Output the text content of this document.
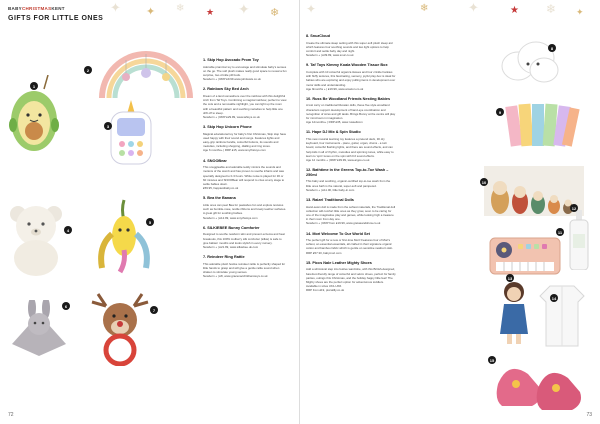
BABYCHRISTMASKENT
GIFTS FOR LITTLE ONES
✦ ✦ ❄ ★ ✦ ❄
1
2
3
4
5
6
7
1. Skip Hop Avocado Prom Toy

Adorable pram/car toy to encourage and stimulate baby's senses on the go. The soft plush makes really good space to reveal a fun surprise, two crinkle pill buds.

Newborn + | RRP £9.99 www.johnlewis.co.uk

2. Rainbow Sky Bed Arch

Dream of a land somewhere over the rainbow with this delightful Arch from Taf Toys. Combining a magical rainbow, perfect to view the cots and a removable nightlight, you can light up the room with a beautiful pattern and soothing melodies to help little one drift off to sleep.

Newborn + | RRP £29.99, www.taftoys.co.uk

3. Skip Hop Unicorn Phone

Magical educational toy for baby's first Christmas, Skip Hop have used happy with their sound and songs. Features lights and easy-grip rainbow handle, colourful buttons, its sounds and melodies, including shopping, dialling and ring tones.

Age 6 months+ | RRP £15, www.smythstoys.com

4. SNOOBear

This snuggleable and adorable teddy mimics the sounds and motions of the womb and has proven to soothe infants and was specially designed to 0-3 hours. White noise is played for 30 or 60 minutes and SNOOBear will respond to cries at any stage to settle babies down.

£59.95, happiestbaby.co.uk

5. Bea the Banana

Little ones can peel Bea for peekaboo fun and explore textures such as bumble-nose, textile ribbons and lovely teether surfaces. A great gift for soothing babies.

Newborn + | £12.99, www.smythstoys.com

6. SILKIEBEE Bunny Comforter

Designed to soothe newborn skin and prevent eczema and heat breakouts, this 100% mulberry silk comforter (silkie) is safe to give babies' mouths and looks stylish in every nursery.

Newborn + | £21.99, www.silkiebee.uk.com

7. Reindeer Ring Rattle

This adorable plush festive reindeer rattle is perfectly shaped for little hands to grasp and will give a gentle rattle sound when shaken to stimulate young senses.

Newborn + | £8, www.gracenacchildrenstoys.co.uk

72
✦	❄	✦	★ ❄ ✦
8. SnuzCloud

Create the ultimate sleep setting with this super-soft plush sleep aid which features four soothing sounds and two light options to help comfort and settle baby day and night.

Newborn + | £39.99, www.snuz.co.uk

9. Taf Toys Kimmy Koala Wooden Tissue Box

Complete with 10 colourful organza tissues and four crinkle hankies with fluffy textures, this fascinating, sensory, joyful play-box is ideal for babies who are exploring and enjoy pulling items in development over motor skills and understanding.

Age 9months + | £19.99, www.amazon.co.uk

10. Russ Be Woodland Friends Nesting Babies

A lost carry on traditional Russian dolls, these five style woodland characters support development of hand-eye coordination and recognition of sizes and gift tasks. Brings Bunny at the centre will play for mini-hours in imagination.

Age 12months+ | RRP £35, www.russellcom

11. Hape DJ Mix & Spin Studio

This new musical learning toy features a pretend deck, 30 dry keyboard, four instruments - piano, guitar, organ, drums - a turn board, colourful flashing lights, and there are sound effects, and can help kids in all of rhythm, melodies and spinning tunes, while easy to learn to 'spin' tunes on the spin with DJ sound effects.

Age 12 months + | RRP £39.99, www.argos.co.uk

12. Bathtime in the Greens Top-to-Toe Wash – 250ml

This baby and soothing, organic-certified top-to-toe wash from the little ones bath is the natural, super-soft and pampered.

Newborn + | £11.00, little baby-in.com

13. Raizel Traditional Dolls

Hand-sewn doll is made from the softest materials, the Traditional doll collection will comfort little ones as they grow, soon to be caring for one of the imaginative play and games, while looking high a treasure in their room from day one.

Newborn + | RRP from £19.99, www.gretasandshow.co.uk

14. Mori Welcome To Our World Set

The perfect gift for a new or first-time Mori! Features four of Mori's softest, an essential essentials, all crafted in their signature organic cotton and bamboo fabric which is gentle on sensitive newborn skin.

RRP £57.30, babymori.com

15. Piccs Nale Leather Mighty Shoes

Add a whimsical step into festive wardrobe, with this British-designed, barefoot-friendly range of colourful and velcro shoes, perfect for family parties, outings this Christmas, and the holiday happy little feet! The Mighty shoes are the perfect option for adventurous toddlers. Available in sizes UK1-UK6.

RRP from £19, piccalilly.co.uk

8
9
10
11
12
13
14
15
73
